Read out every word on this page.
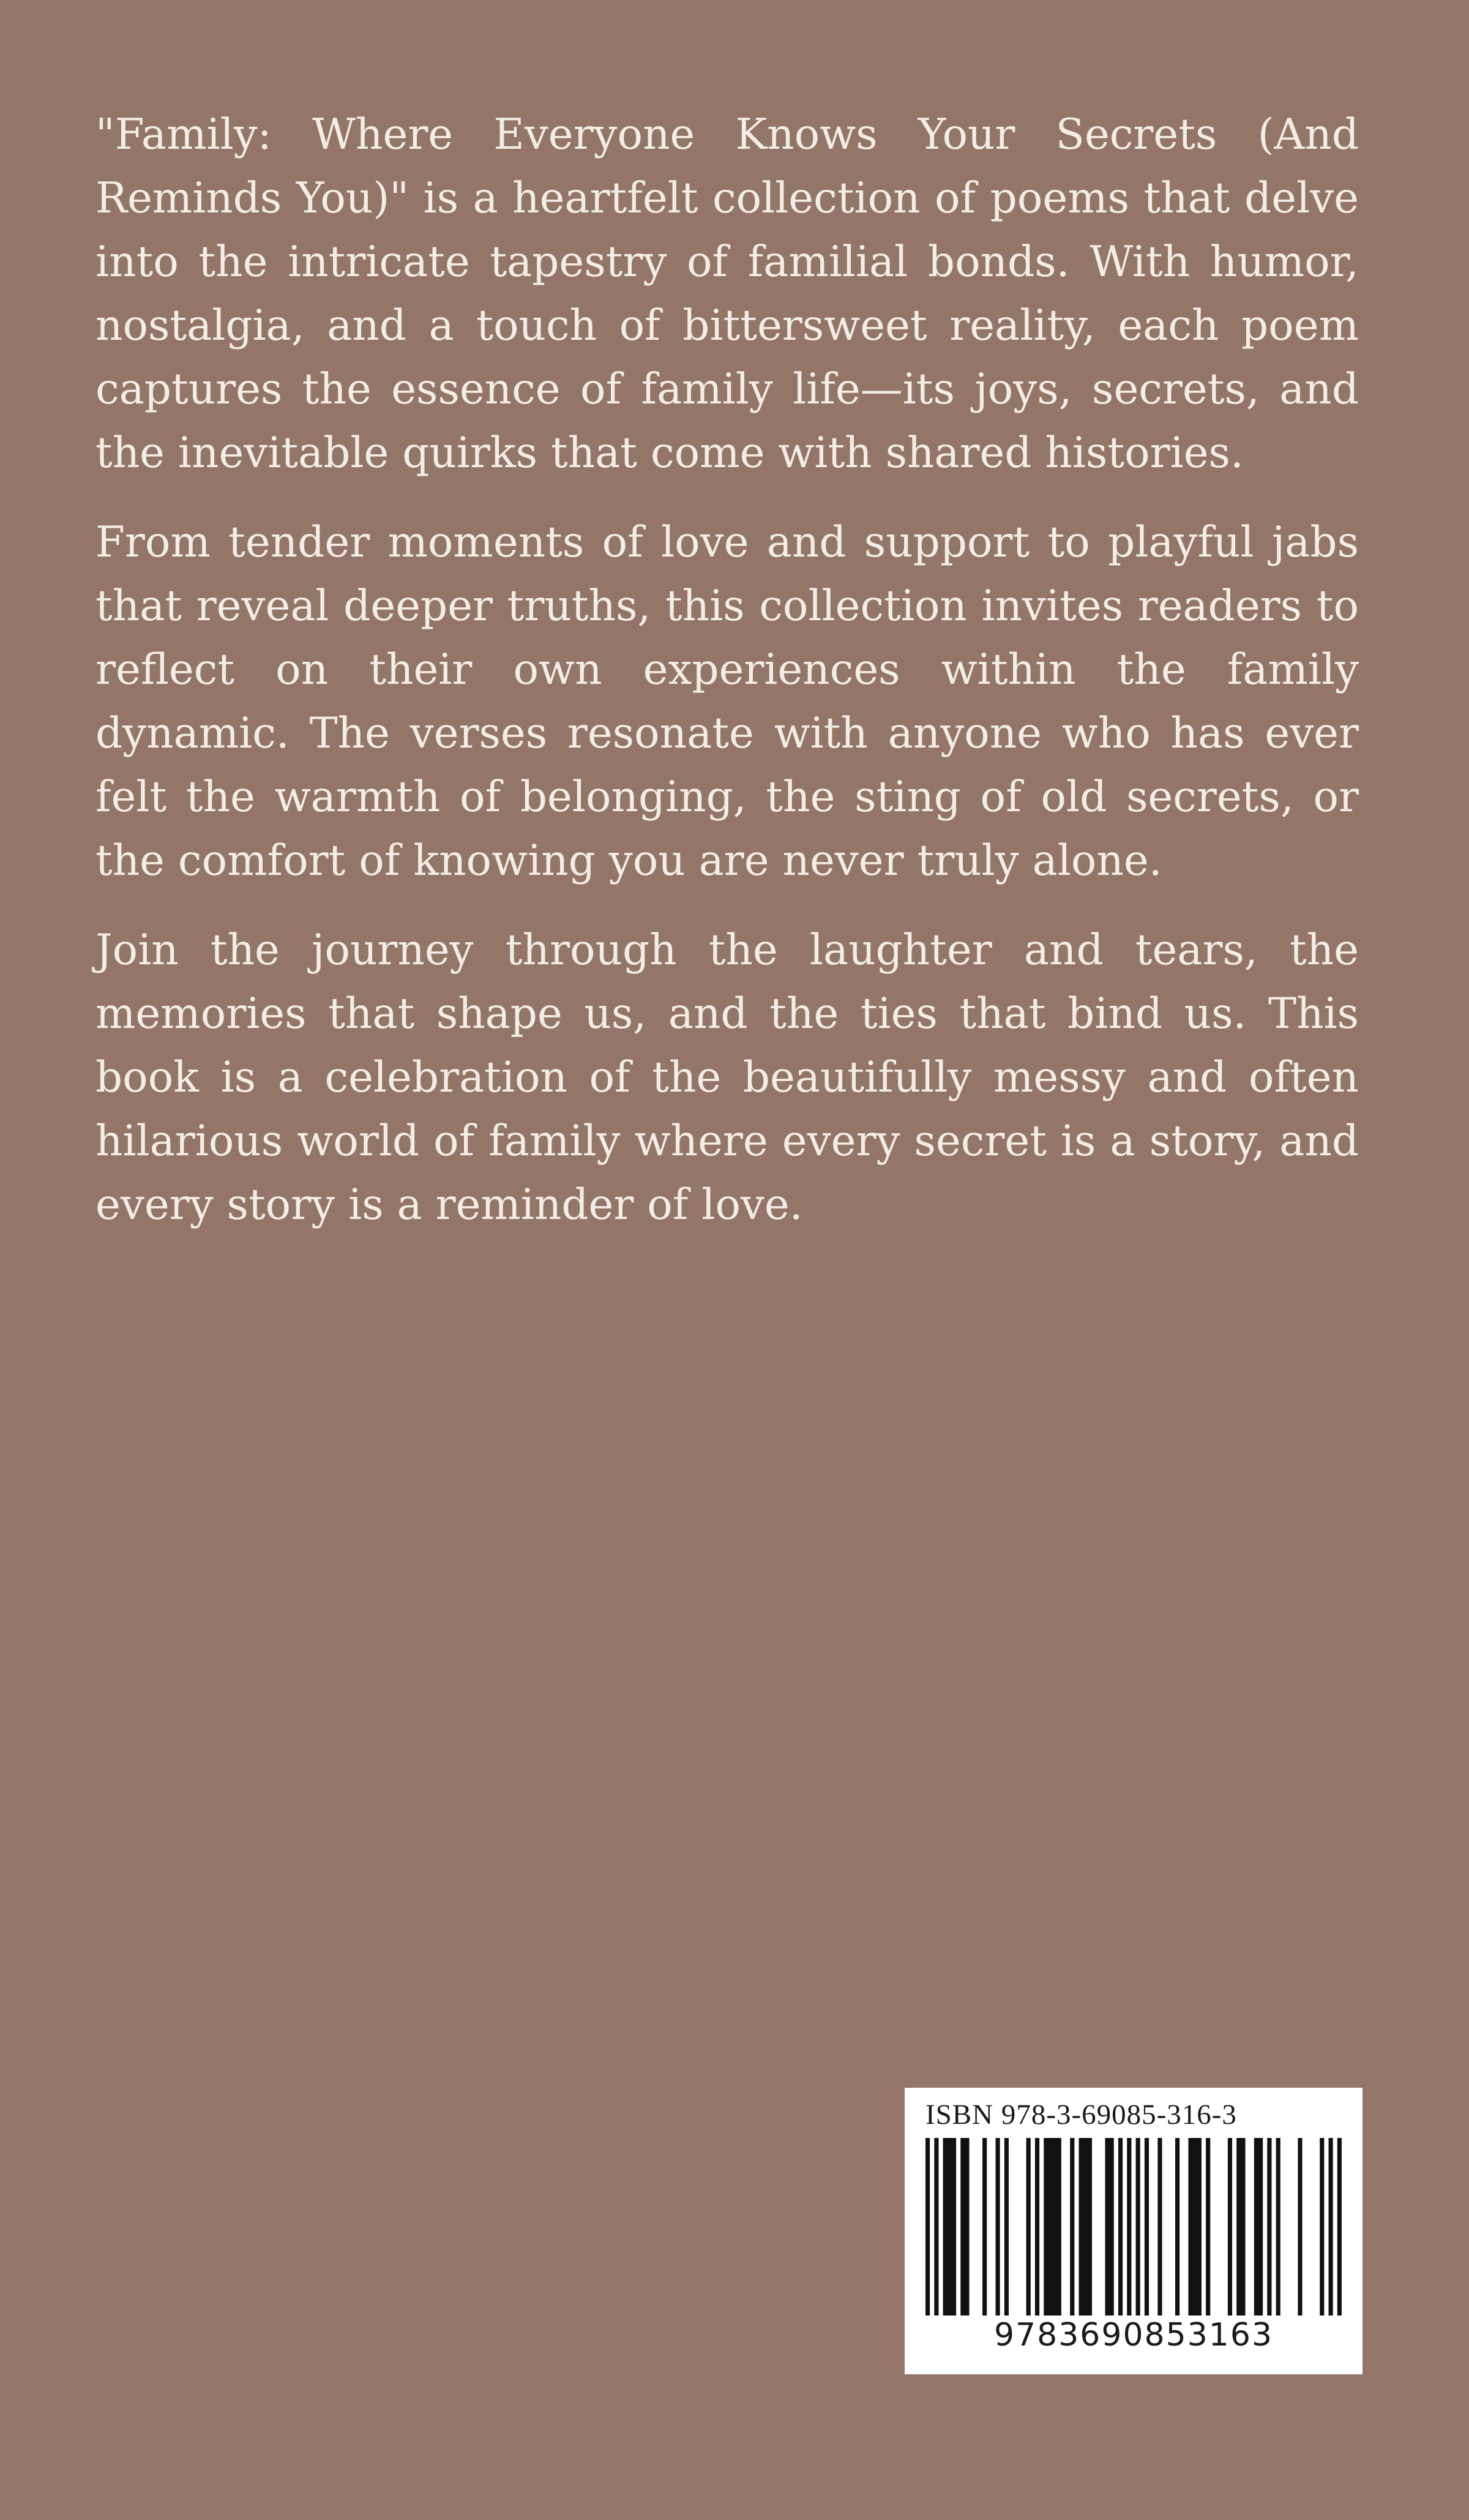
"Family: Where Everyone Knows Your Secrets (And Reminds You)" is a heartfelt collection of poems that delve into the intricate tapestry of familial bonds. With humor, nostalgia, and a touch of bittersweet reality, each poem captures the essence of family life—its joys, secrets, and the inevitable quirks that come with shared histories.

From tender moments of love and support to playful jabs that reveal deeper truths, this collection invites readers to reflect on their own experiences within the family dynamic. The verses resonate with anyone who has ever felt the warmth of belonging, the sting of old secrets, or the comfort of knowing you are never truly alone.

Join the journey through the laughter and tears, the memories that shape us, and the ties that bind us. This book is a celebration of the beautifully messy and often hilarious world of family where every secret is a story, and every story is a reminder of love.

ISBN 978-3-69085-316-3
9783690853163
